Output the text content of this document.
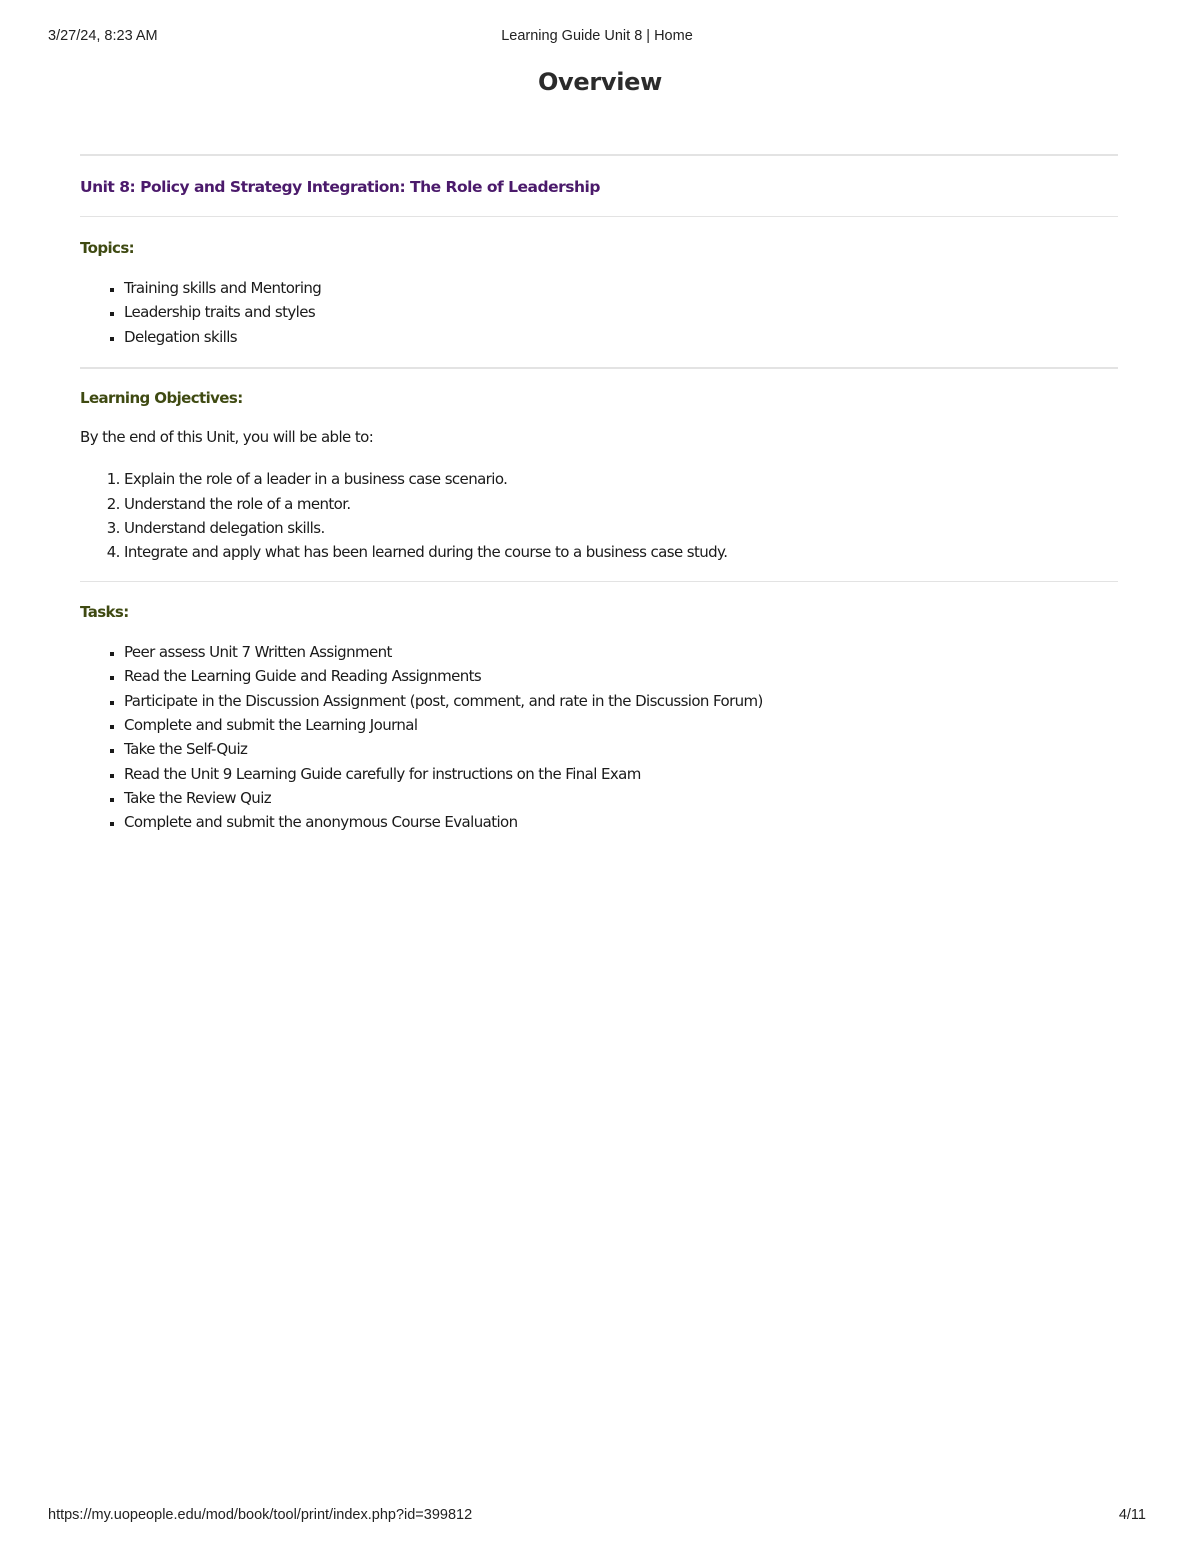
3/27/24, 8:23 AM	Learning Guide Unit 8 | Home
Overview
Unit 8: Policy and Strategy Integration: The Role of Leadership
Topics:
▪ Training skills and Mentoring
▪ Leadership traits and styles
▪ Delegation skills
Learning Objectives:

By the end of this Unit, you will be able to:

1. Explain the role of a leader in a business case scenario.
2. Understand the role of a mentor.
3. Understand delegation skills.
4. Integrate and apply what has been learned during the course to a business case study.
Tasks:
▪ Peer assess Unit 7 Written Assignment
▪ Read the Learning Guide and Reading Assignments
▪ Participate in the Discussion Assignment (post, comment, and rate in the Discussion Forum)
▪ Complete and submit the Learning Journal
▪ Take the Self-Quiz
▪ Read the Unit 9 Learning Guide carefully for instructions on the Final Exam
▪ Take the Review Quiz
▪ Complete and submit the anonymous Course Evaluation
https://my.uopeople.edu/mod/book/tool/print/index.php?id=399812	4/11
